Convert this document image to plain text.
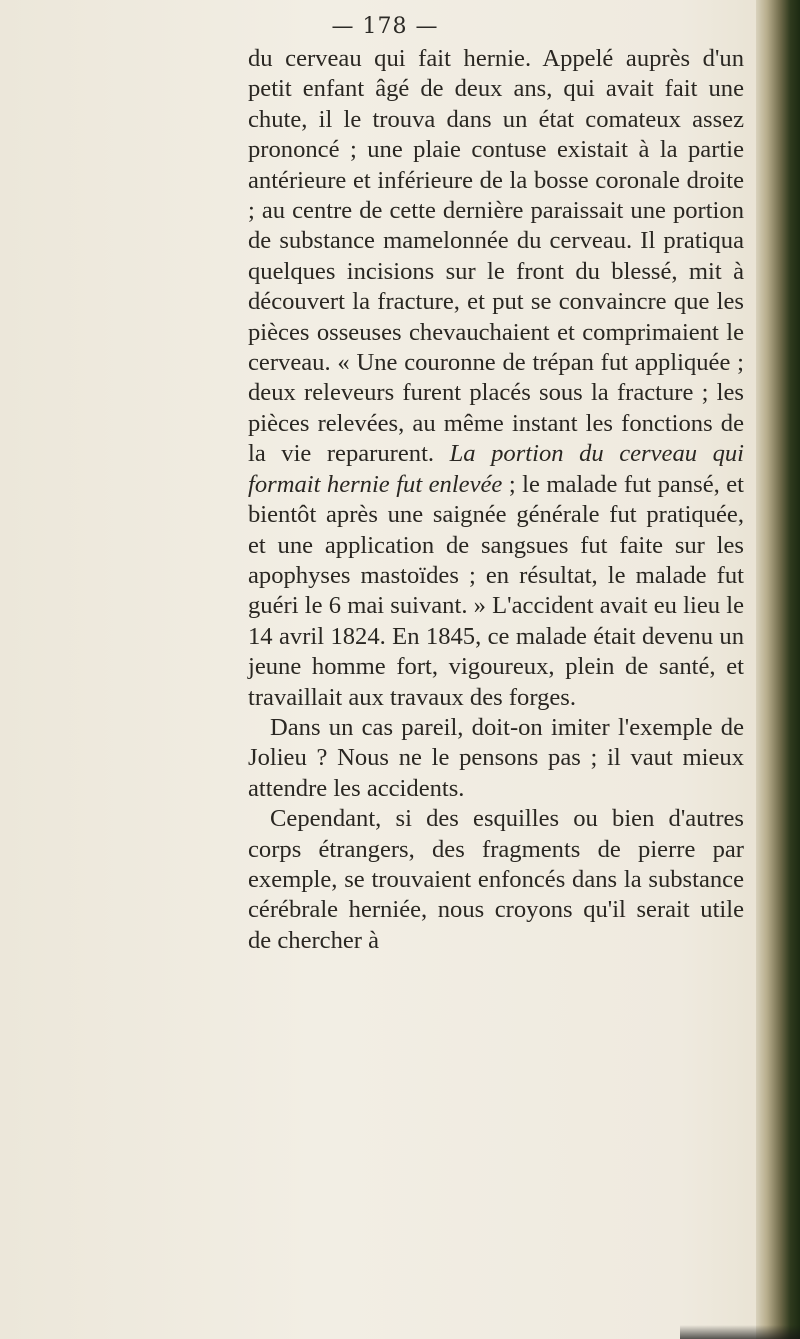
— 178 —

du cerveau qui fait hernie. Appelé auprès d'un petit enfant âgé de deux ans, qui avait fait une chute, il le trouva dans un état comateux assez prononcé ; une plaie contuse existait à la partie antérieure et inférieure de la bosse coronale droite ; au centre de cette dernière paraissait une portion de substance mamelonnée du cerveau. Il pratiqua quelques incisions sur le front du blessé, mit à découvert la fracture, et put se convaincre que les pièces osseuses chevauchaient et comprimaient le cerveau. « Une couronne de trépan fut appliquée ; deux releveurs furent placés sous la fracture ; les pièces relevées, au même instant les fonctions de la vie reparurent. La portion du cerveau qui formait hernie fut enlevée ; le malade fut pansé, et bientôt après une saignée générale fut pratiquée, et une application de sangsues fut faite sur les apophyses mastoïdes ; en résultat, le malade fut guéri le 6 mai suivant. » L'accident avait eu lieu le 14 avril 1824. En 1845, ce malade était devenu un jeune homme fort, vigoureux, plein de santé, et travaillait aux travaux des forges.

Dans un cas pareil, doit-on imiter l'exemple de Jolieu ? Nous ne le pensons pas ; il vaut mieux attendre les accidents.

Cependant, si des esquilles ou bien d'autres corps étrangers, des fragments de pierre par exemple, se trouvaient enfoncés dans la substance cérébrale herniée, nous croyons qu'il serait utile de chercher à
